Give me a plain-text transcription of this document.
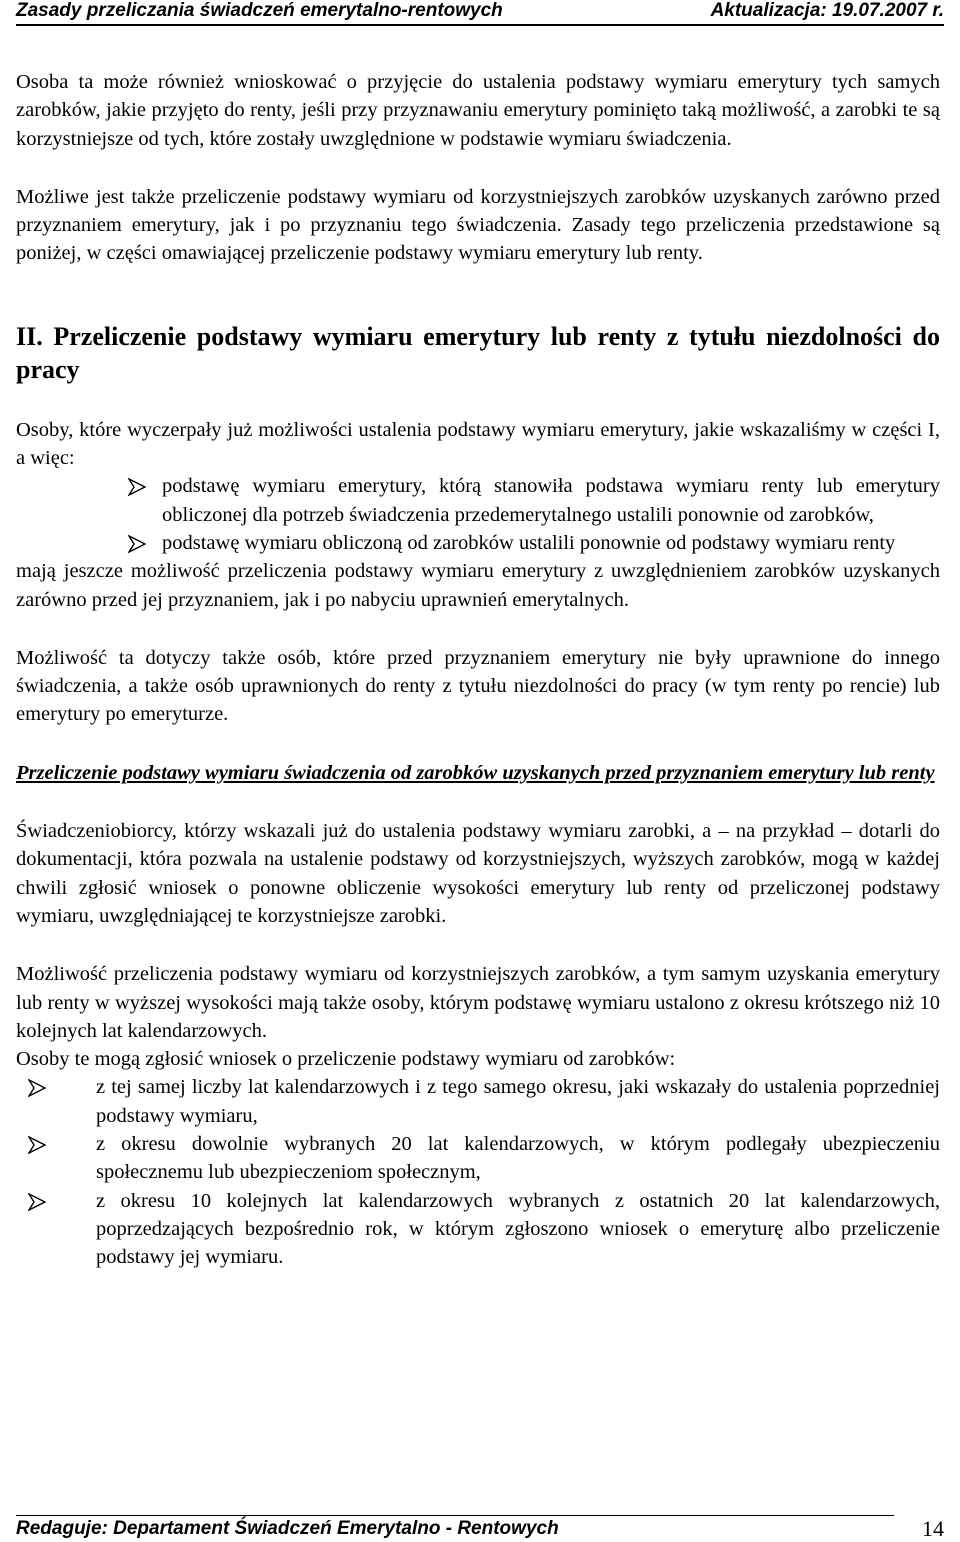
Zasady przeliczania świadczeń emerytalno-rentowych	Aktualizacja: 19.07.2007 r.

Osoba ta może również wnioskować o przyjęcie do ustalenia podstawy wymiaru emerytury tych samych zarobków, jakie przyjęto do renty, jeśli przy przyznawaniu emerytury pominięto taką możliwość, a zarobki te są korzystniejsze od tych, które zostały uwzględnione w podstawie wymiaru świadczenia.

Możliwe jest także przeliczenie podstawy wymiaru od korzystniejszych zarobków uzyskanych zarówno przed przyznaniem emerytury, jak i po przyznaniu tego świadczenia. Zasady tego przeliczenia przedstawione są poniżej, w części omawiającej przeliczenie podstawy wymiaru emerytury lub renty.

II. Przeliczenie podstawy wymiaru emerytury lub renty z tytułu niezdolności do pracy

Osoby, które wyczerpały już możliwości ustalenia podstawy wymiaru emerytury, jakie wskazaliśmy w części I, a więc:

podstawę wymiaru emerytury, którą stanowiła podstawa wymiaru renty lub emerytury obliczonej dla potrzeb świadczenia przedemerytalnego ustalili ponownie od zarobków,
podstawę wymiaru obliczoną od zarobków ustalili ponownie od podstawy wymiaru renty

mają jeszcze możliwość przeliczenia podstawy wymiaru emerytury z uwzględnieniem zarobków uzyskanych zarówno przed jej przyznaniem, jak i po nabyciu uprawnień emerytalnych.

Możliwość ta dotyczy także osób, które przed przyznaniem emerytury nie były uprawnione do innego świadczenia, a także osób uprawnionych do renty z tytułu niezdolności do pracy (w tym renty po rencie) lub emerytury po emeryturze.

Przeliczenie podstawy wymiaru świadczenia od zarobków uzyskanych przed przyznaniem emerytury lub renty

Świadczeniobiorcy, którzy wskazali już do ustalenia podstawy wymiaru zarobki, a – na przykład – dotarli do dokumentacji, która pozwala na ustalenie podstawy od korzystniejszych, wyższych zarobków, mogą w każdej chwili zgłosić wniosek o ponowne obliczenie wysokości emerytury lub renty od przeliczonej podstawy wymiaru, uwzględniającej te korzystniejsze zarobki.

Możliwość przeliczenia podstawy wymiaru od korzystniejszych zarobków, a tym samym uzyskania emerytury lub renty w wyższej wysokości mają także osoby, którym podstawę wymiaru ustalono z okresu krótszego niż 10 kolejnych lat kalendarzowych.

Osoby te mogą zgłosić wniosek o przeliczenie podstawy wymiaru od zarobków:

z tej samej liczby lat kalendarzowych i z tego samego okresu, jaki wskazały do ustalenia poprzedniej podstawy wymiaru,
z okresu dowolnie wybranych 20 lat kalendarzowych, w którym podlegały ubezpieczeniu społecznemu lub ubezpieczeniom społecznym,
z okresu 10 kolejnych lat kalendarzowych wybranych z ostatnich 20 lat kalendarzowych, poprzedzających bezpośrednio rok, w którym zgłoszono wniosek o emeryturę albo przeliczenie podstawy jej wymiaru.
Redaguje: Departament Świadczeń Emerytalno - Rentowych	14
